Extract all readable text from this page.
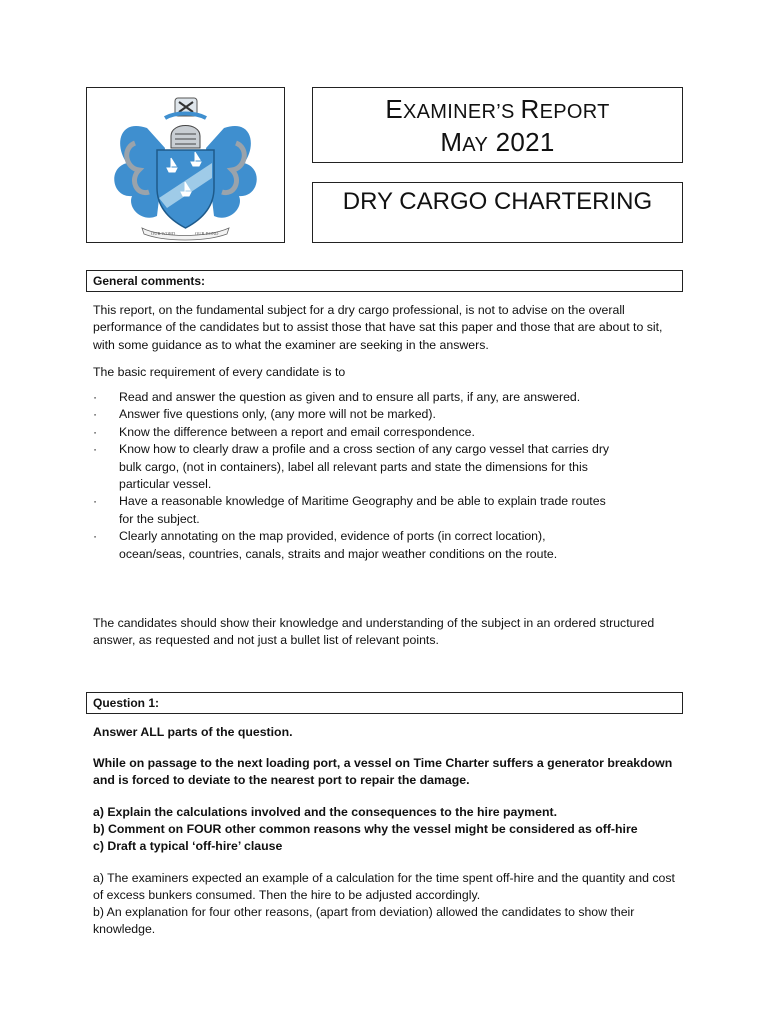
OUR WORD	OUR BOND
EXAMINER’S REPORT
MAY 2021
DRY CARGO CHARTERING
General comments:

This report, on the fundamental subject for a dry cargo professional, is not to advise on the overall performance of the candidates but to assist those that have sat this paper and those that are about to sit, with some guidance as to what the examiner are seeking in the answers.

The basic requirement of every candidate is to

· Read and answer the question as given and to ensure all parts, if any, are answered.
· Answer five questions only, (any more will not be marked).
· Know the difference between a report and email correspondence.
· Know how to clearly draw a profile and a cross section of any cargo vessel that carries dry bulk cargo, (not in containers), label all relevant parts and state the dimensions for this particular vessel.
· Have a reasonable knowledge of Maritime Geography and be able to explain trade routes for the subject.
· Clearly annotating on the map provided, evidence of ports (in correct location), ocean/seas, countries, canals, straits and major weather conditions on the route.

The candidates should show their knowledge and understanding of the subject in an ordered structured answer, as requested and not just a bullet list of relevant points.

Question 1:

Answer ALL parts of the question.

While on passage to the next loading port, a vessel on Time Charter suffers a generator breakdown and is forced to deviate to the nearest port to repair the damage.

a) Explain the calculations involved and the consequences to the hire payment.

b) Comment on FOUR other common reasons why the vessel might be considered as off-hire

c) Draft a typical ‘off-hire’ clause

a) The examiners expected an example of a calculation for the time spent off-hire and the quantity and cost of excess bunkers consumed. Then the hire to be adjusted accordingly.

b) An explanation for four other reasons, (apart from deviation) allowed the candidates to show their knowledge.
